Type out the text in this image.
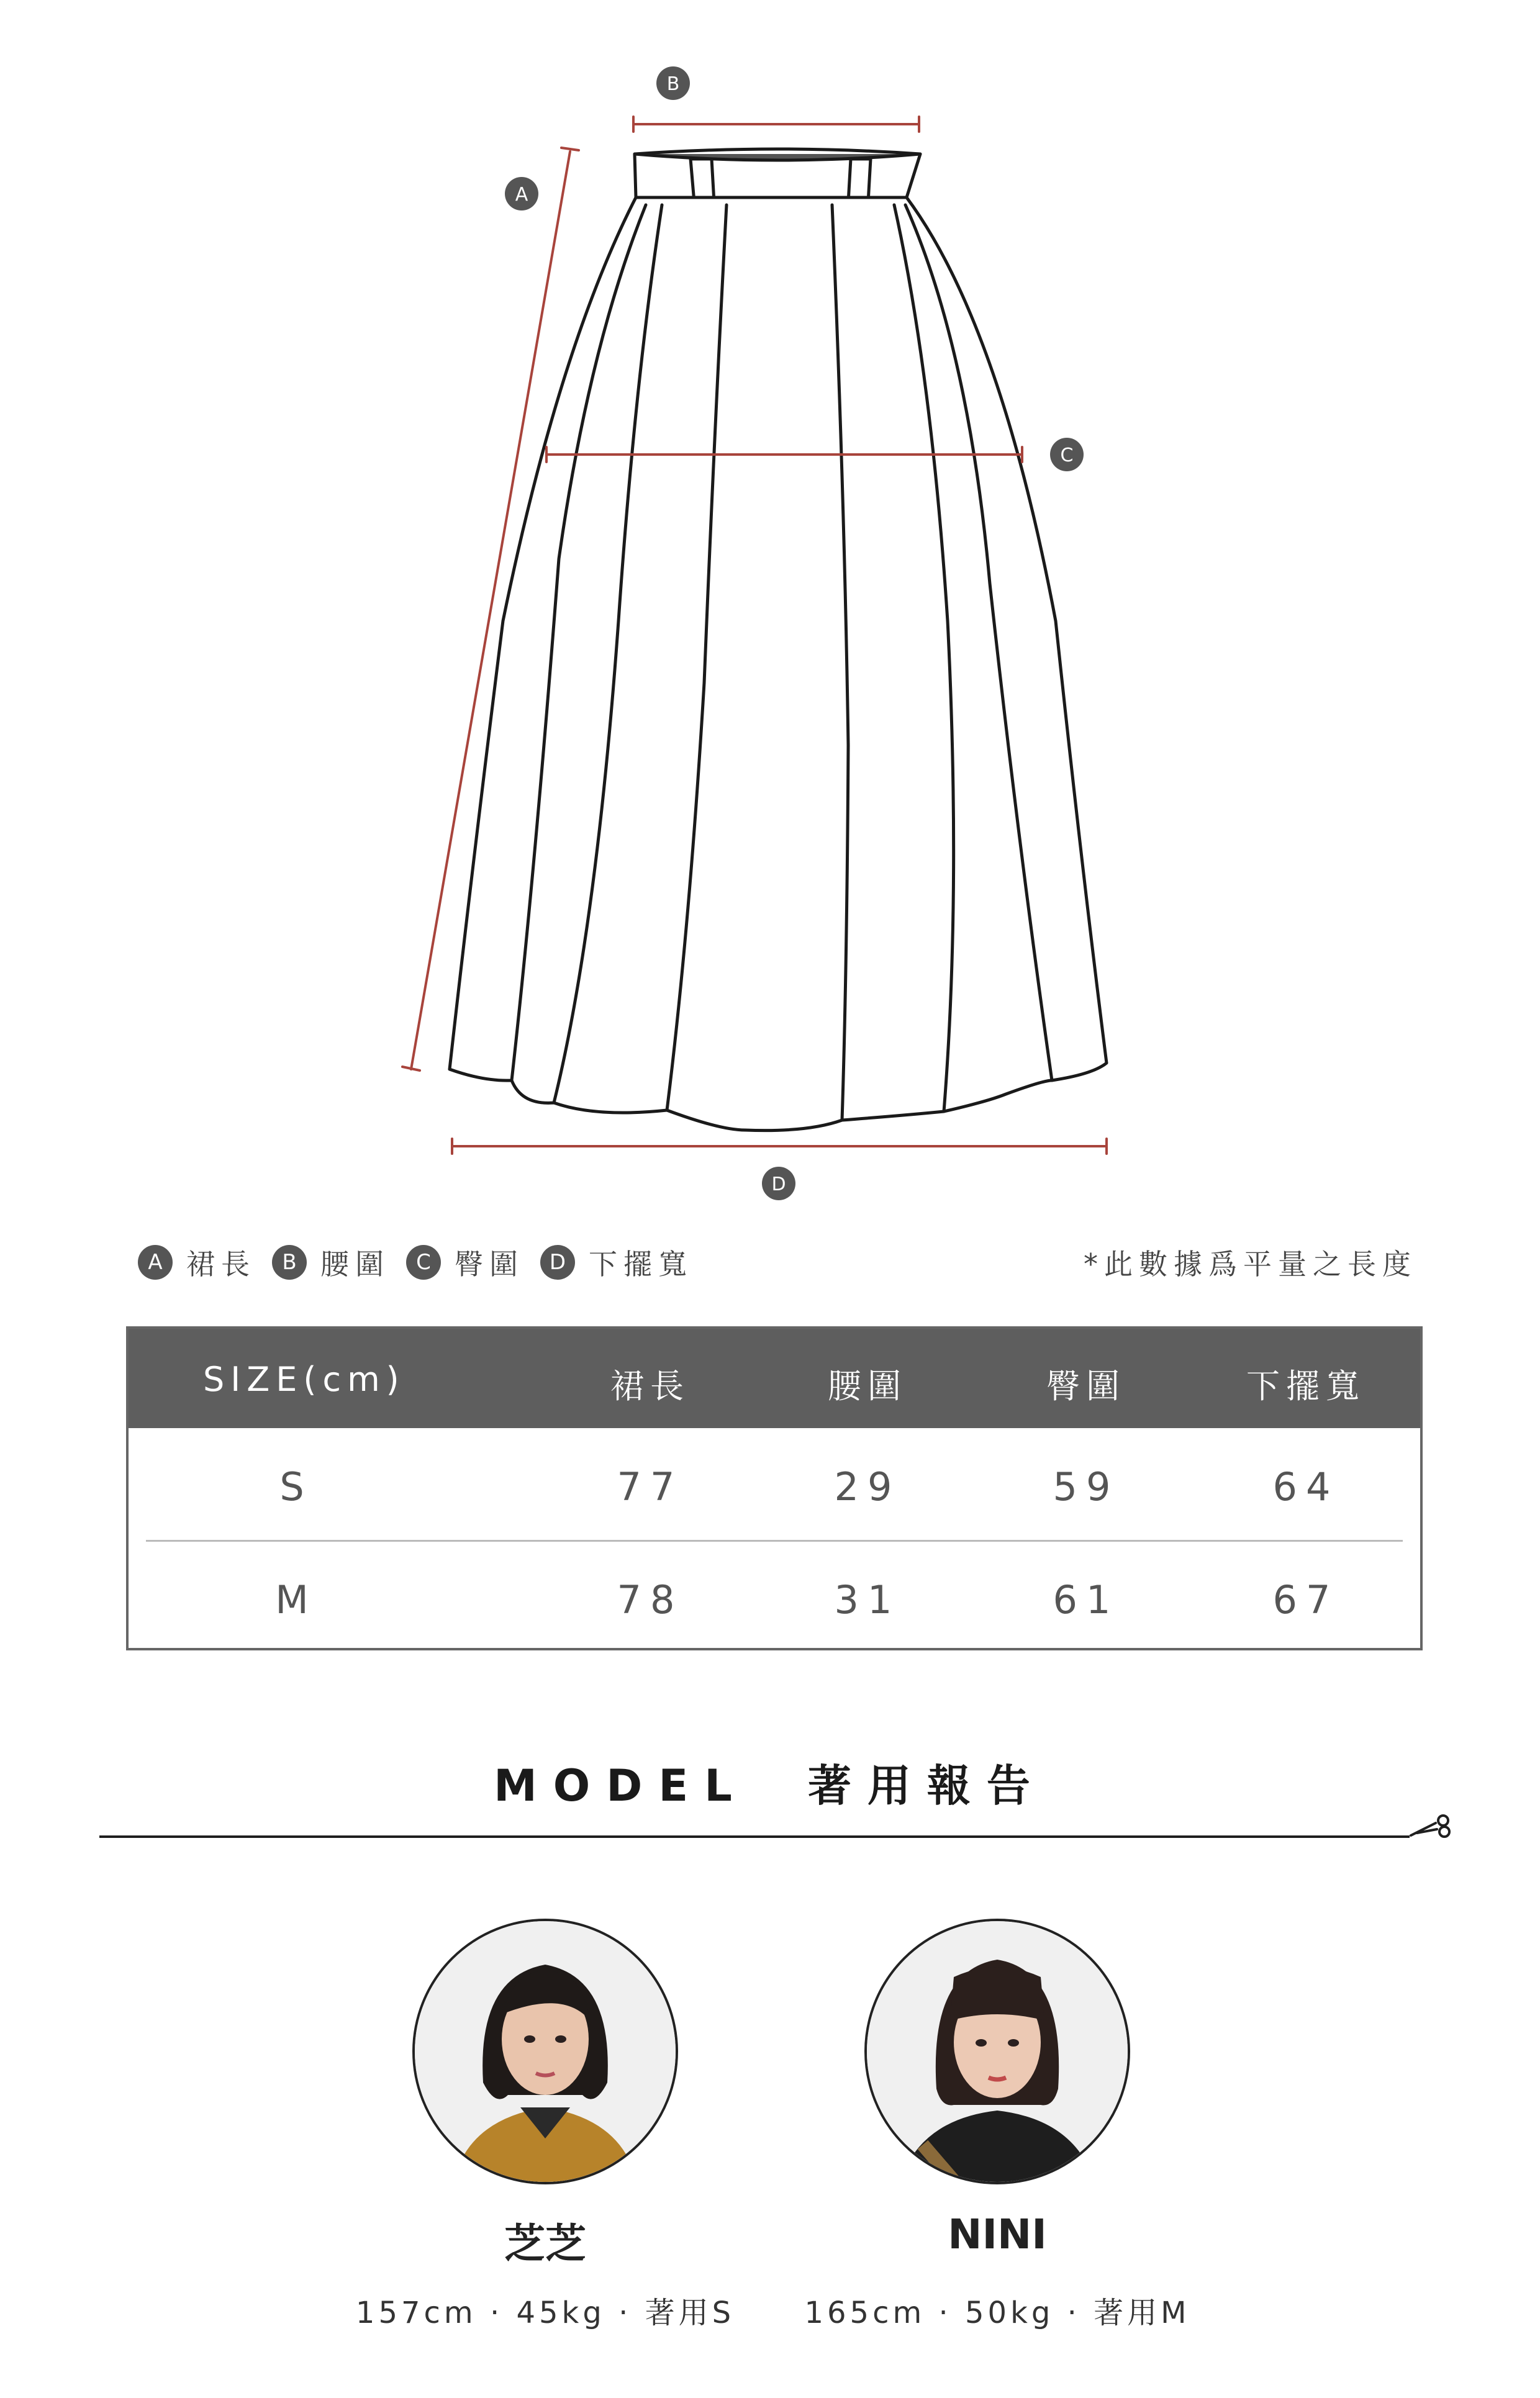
B
A
C
D
A 裙長	B 腰圍	C 臀圍	D 下擺寬	*此數據爲平量之長度
SIZE(cm)	裙長	腰圍	臀圍	下擺寬
S	77	29	59	64
M	78	31	61	67
MODEL　著用報告
芝芝
157cm · 45kg · 著用S
NINI
165cm · 50kg · 著用M
